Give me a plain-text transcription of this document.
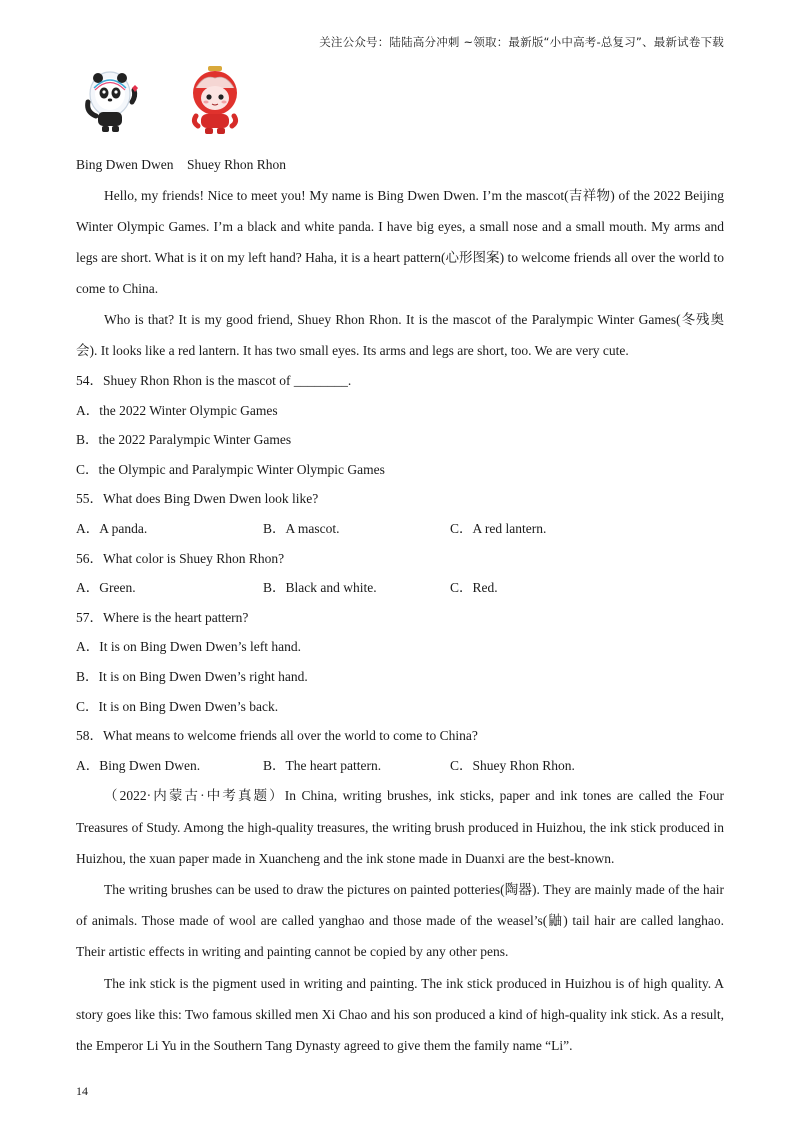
关注公众号：陆陆高分冲刺 ~领取：最新版“小中高考-总复习”、最新试卷下载
Bing Dwen Dwen    Shuey Rhon Rhon

Hello, my friends! Nice to meet you! My name is Bing Dwen Dwen. I’m the mascot(吉祥物) of the 2022 Beijing Winter Olympic Games. I’m a black and white panda. I have big eyes, a small nose and a small mouth. My arms and legs are short. What is it on my left hand? Haha, it is a heart pattern(心形图案) to welcome friends all over the world to come to China.

Who is that? It is my good friend, Shuey Rhon Rhon. It is the mascot of the Paralympic Winter Games(冬残奥会). It looks like a red lantern. It has two small eyes. Its arms and legs are short, too. We are very cute.

54．Shuey Rhon Rhon is the mascot of ________.

A．the 2022 Winter Olympic Games

B．the 2022 Paralympic Winter Games

C．the Olympic and Paralympic Winter Olympic Games

55．What does Bing Dwen Dwen look like?

A．A panda.	B．A mascot.	C．A red lantern.

56．What color is Shuey Rhon Rhon?

A．Green.	B．Black and white.	C．Red.

57．Where is the heart pattern?

A．It is on Bing Dwen Dwen’s left hand.

B．It is on Bing Dwen Dwen’s right hand.

C．It is on Bing Dwen Dwen’s back.

58．What means to welcome friends all over the world to come to China?

A．Bing Dwen Dwen.	B．The heart pattern.	C．Shuey Rhon Rhon.

（2022·内蒙古·中考真题）In China, writing brushes, ink sticks, paper and ink tones are called the Four Treasures of Study. Among the high-quality treasures, the writing brush produced in Huizhou, the ink stick produced in Huizhou, the xuan paper made in Xuancheng and the ink stone made in Duanxi are the best-known.

The writing brushes can be used to draw the pictures on painted potteries(陶器). They are mainly made of the hair of animals. Those made of wool are called yanghao and those made of the weasel’s(鼬) tail hair are called langhao. Their artistic effects in writing and painting cannot be copied by any other pens.

The ink stick is the pigment used in writing and painting. The ink stick produced in Huizhou is of high quality. A story goes like this: Two famous skilled men Xi Chao and his son produced a kind of high-quality ink stick. As a result, the Emperor Li Yu in the Southern Tang Dynasty agreed to give them the family name “Li”.

14
